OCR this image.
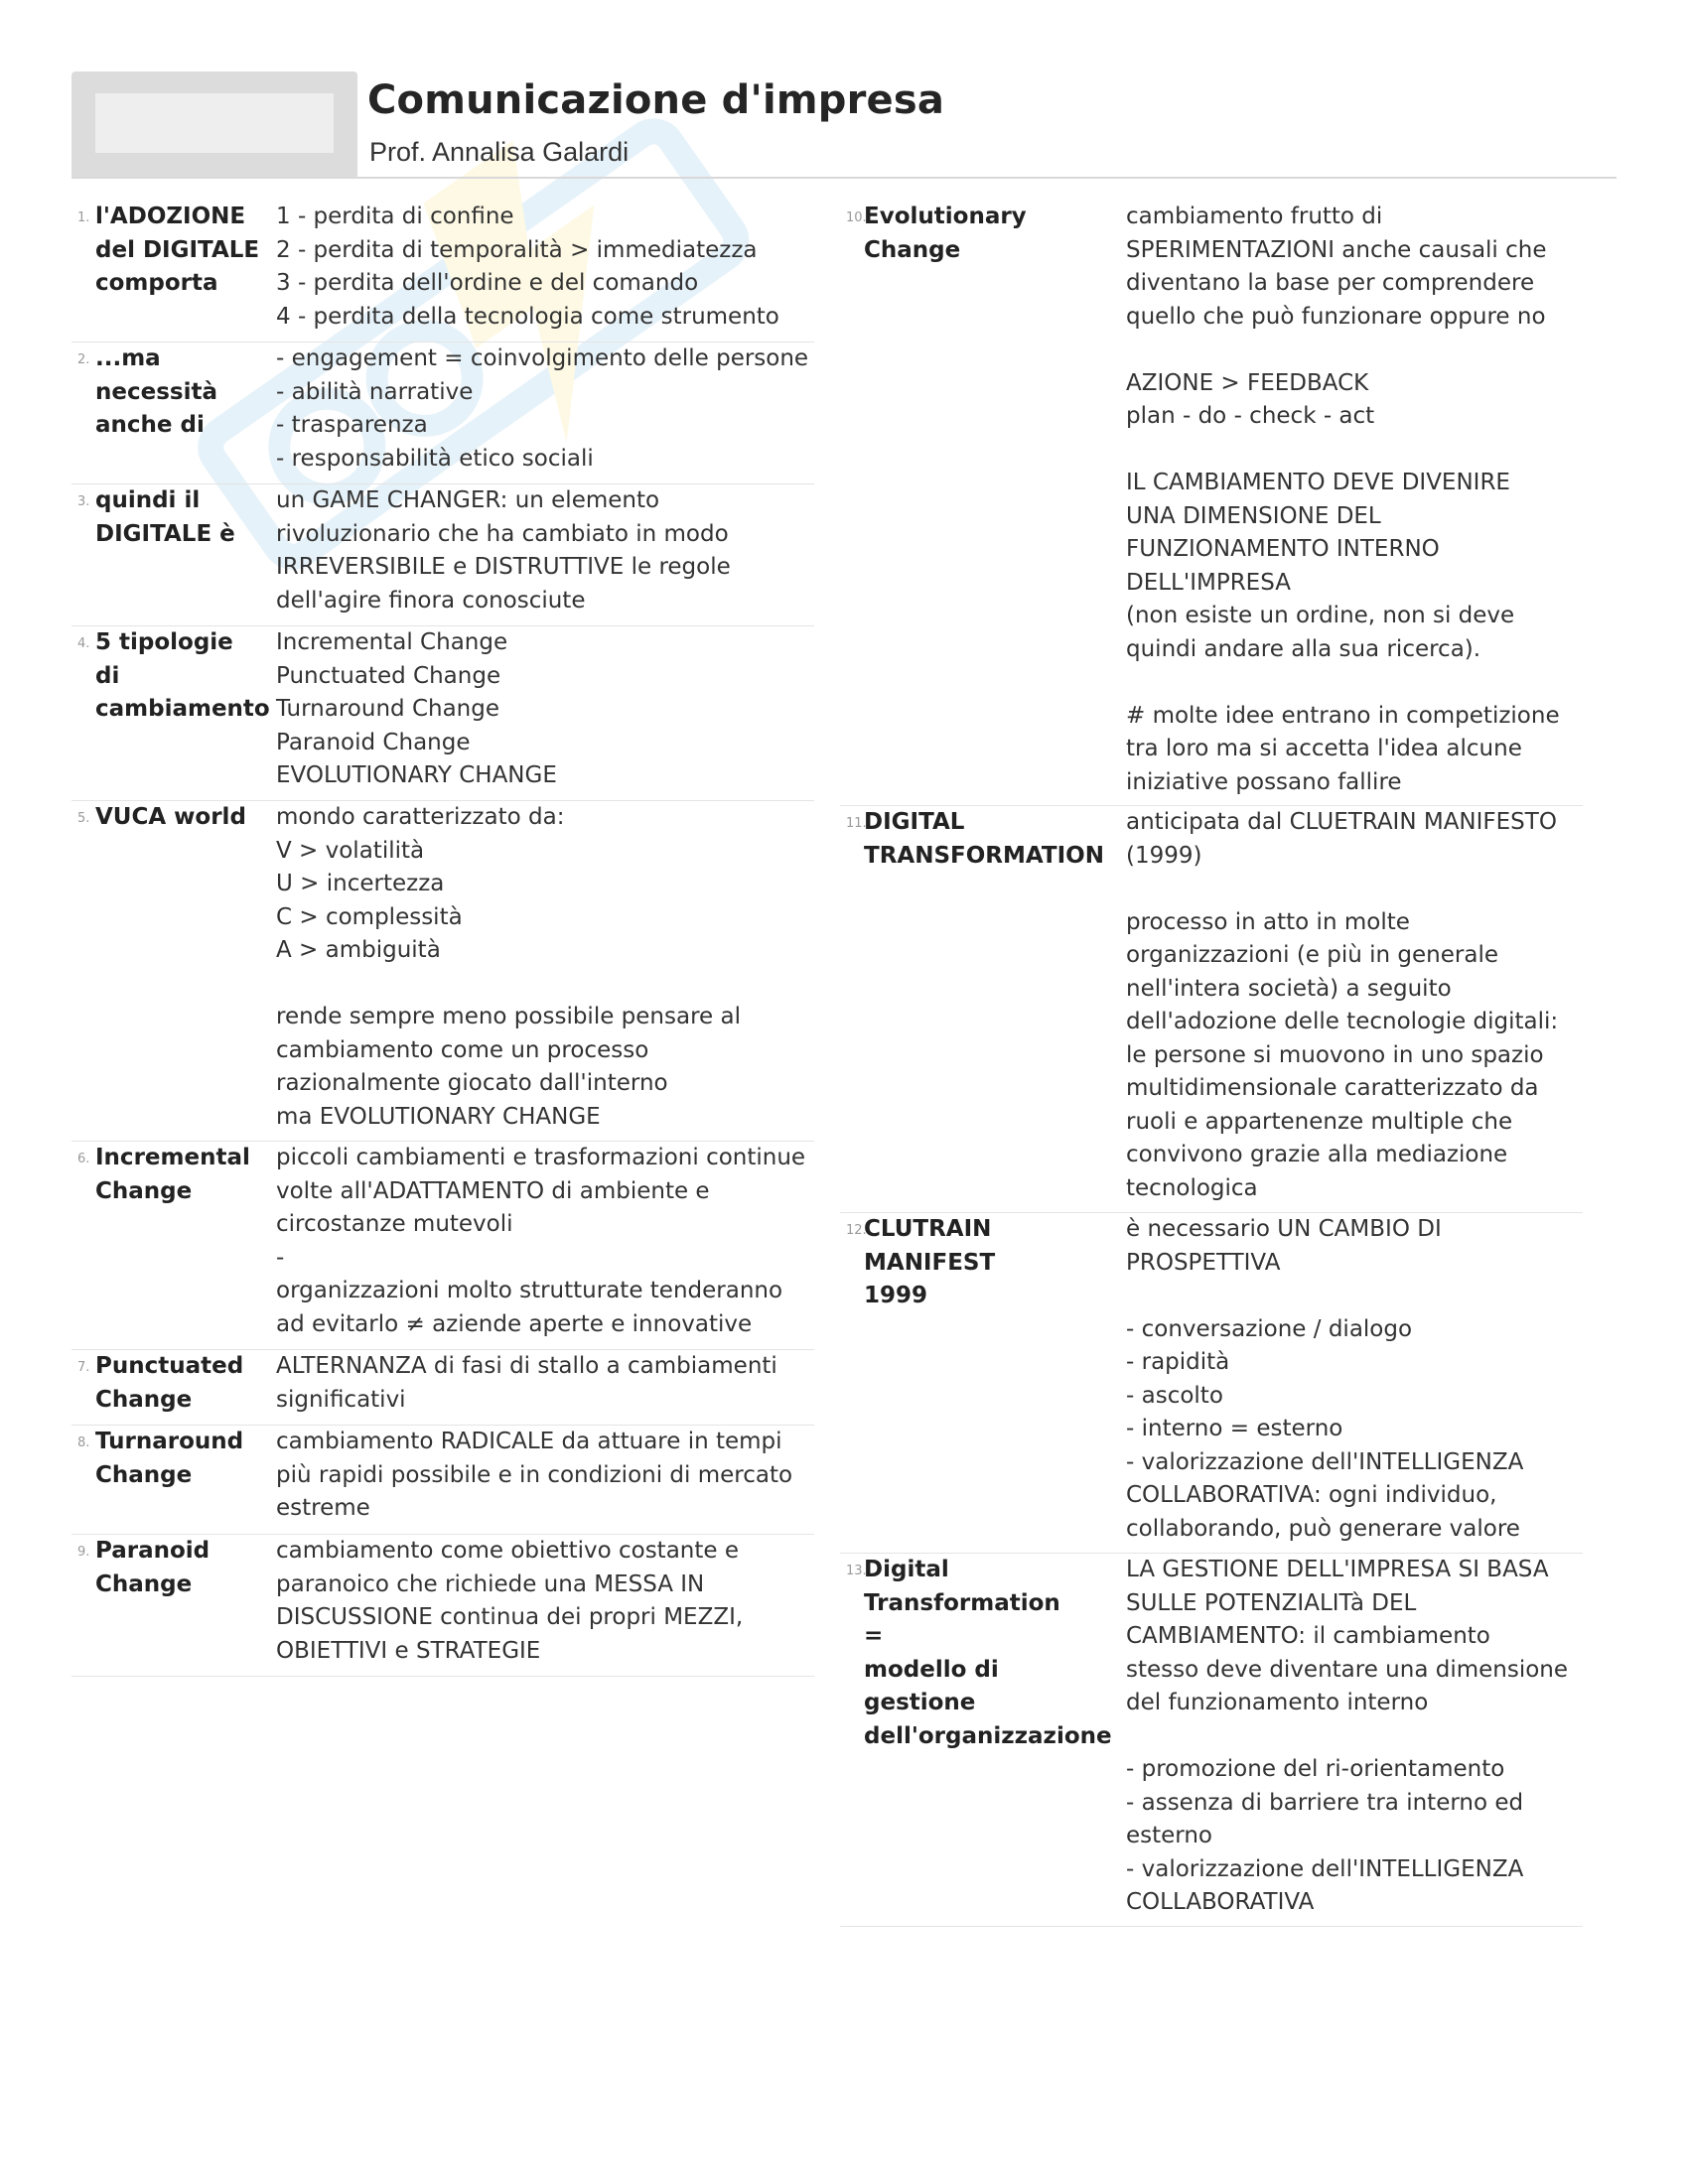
Comunicazione d'impresa

Prof. Annalisa Galardi

1. l'ADOZIONE
del DIGITALE
comporta
1 - perdita di confine
2 - perdita di temporalità > immediatezza
3 - perdita dell'ordine e del comando
4 - perdita della tecnologia come strumento
2. ...ma
necessità
anche di
- engagement = coinvolgimento delle persone
- abilità narrative
- trasparenza
- responsabilità etico sociali
3. quindi il
DIGITALE è
un GAME CHANGER: un elemento
rivoluzionario che ha cambiato in modo
IRREVERSIBILE e DISTRUTTIVE le regole
dell'agire finora conosciute
4. 5 tipologie di
cambiamento
Incremental Change
Punctuated Change
Turnaround Change
Paranoid Change
EVOLUTIONARY CHANGE
5. VUCA world	mondo caratterizzato da:
V > volatilità
U > incertezza
C > complessità
A > ambiguità

rende sempre meno possibile pensare al
cambiamento come un processo
razionalmente giocato dall'interno
ma EVOLUTIONARY CHANGE
6. Incremental
Change
piccoli cambiamenti e trasformazioni continue
volte all'ADATTAMENTO di ambiente e
circostanze mutevoli
-
organizzazioni molto strutturate tenderanno
ad evitarlo ≠ aziende aperte e innovative
7. Punctuated
Change
ALTERNANZA di fasi di stallo a cambiamenti
significativi
8. Turnaround
Change
cambiamento RADICALE da attuare in tempi
più rapidi possibile e in condizioni di mercato
estreme
9. Paranoid
Change
cambiamento come obiettivo costante e
paranoico che richiede una MESSA IN
DISCUSSIONE continua dei propri MEZZI,
OBIETTIVI e STRATEGIE
10.
Evolutionary
Change
cambiamento frutto di
SPERIMENTAZIONI anche causali che
diventano la base per comprendere
quello che può funzionare oppure no

AZIONE > FEEDBACK
plan - do - check - act

IL CAMBIAMENTO DEVE DIVENIRE
UNA DIMENSIONE DEL
FUNZIONAMENTO INTERNO
DELL'IMPRESA
(non esiste un ordine, non si deve
quindi andare alla sua ricerca).

# molte idee entrano in competizione
tra loro ma si accetta l'idea alcune
iniziative possano fallire
11.
DIGITAL
TRANSFORMATION
anticipata dal CLUETRAIN MANIFESTO
(1999)

processo in atto in molte
organizzazioni (e più in generale
nell'intera società) a seguito
dell'adozione delle tecnologie digitali:
le persone si muovono in uno spazio
multidimensionale caratterizzato da
ruoli e appartenenze multiple che
convivono grazie alla mediazione
tecnologica
12.
CLUTRAIN
MANIFEST
1999
è necessario UN CAMBIO DI
PROSPETTIVA

- conversazione / dialogo
- rapidità
- ascolto
- interno = esterno
- valorizzazione dell'INTELLIGENZA
COLLABORATIVA: ogni individuo,
collaborando, può generare valore
13.
Digital
Transformation
=
modello di
gestione
dell'organizzazione
LA GESTIONE DELL'IMPRESA SI BASA
SULLE POTENZIALITà DEL
CAMBIAMENTO: il cambiamento
stesso deve diventare una dimensione
del funzionamento interno

- promozione del ri-orientamento
- assenza di barriere tra interno ed
esterno
- valorizzazione dell'INTELLIGENZA
COLLABORATIVA
